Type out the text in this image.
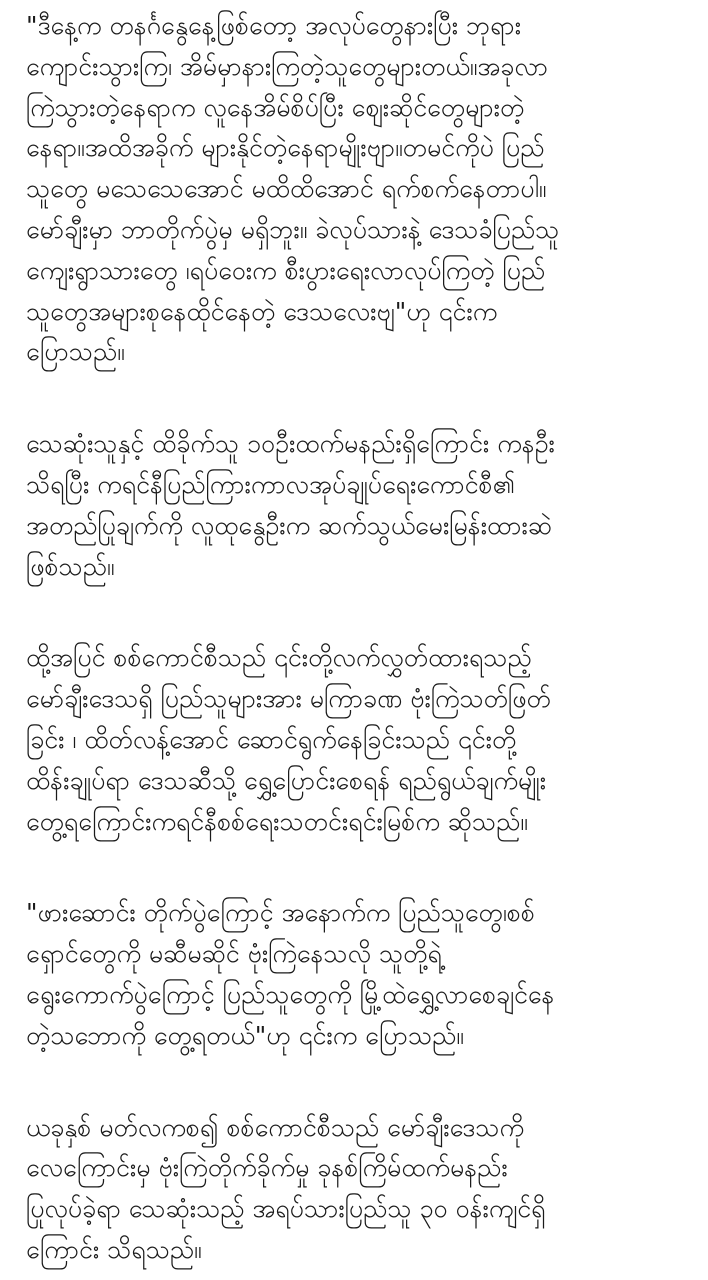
"ဒီနေ့က တနင်္ဂနွေနေ့ဖြစ်တော့ အလုပ်တွေနားပြီး ဘုရား
ကျောင်းသွားကြ၊ အိမ်မှာနားကြတဲ့သူတွေများတယ်။အခုလာ
ကြဲသွားတဲ့နေရာက လူနေအိမ်စိပ်ပြီး ဈေးဆိုင်တွေများတဲ့
နေရာ။အထိအခိုက် များနိုင်တဲ့နေရာမျိုးဗျာ။တမင်ကိုပဲ ပြည်
သူတွေ မသေသေအောင် မထိထိအောင် ရက်စက်နေတာပါ။
မော်ချီးမှာ ဘာတိုက်ပွဲမှ မရှိဘူး။ ခဲလုပ်သားနဲ့ ဒေသခံပြည်သူ
ကျေးရွာသားတွေ ၊ရပ်ဝေးက စီးပွားရေးလာလုပ်ကြတဲ့ ပြည်
သူတွေအများစုနေထိုင်နေတဲ့ ဒေသလေးဗျ"ဟု ၎င်းက
ပြောသည်။
သေဆုံးသူနှင့် ထိခိုက်သူ ၁၀ဦးထက်မနည်းရှိကြောင်း ကနဦး
သိရပြီး ကရင်နီပြည်ကြားကာလအုပ်ချုပ်ရေးကောင်စီ၏
အတည်ပြုချက်ကို လူထုနွေဦးက ဆက်သွယ်မေးမြန်းထားဆဲ
ဖြစ်သည်။
ထို့အပြင် စစ်ကောင်စီသည် ၎င်းတို့လက်လွှတ်ထားရသည့်
မော်ချီးဒေသရှိ ပြည်သူများအား မကြာခဏ ဗုံးကြဲသတ်ဖြတ်
ခြင်း ၊ ထိတ်လန့်အောင် ဆောင်ရွက်နေခြင်းသည် ၎င်းတို့
ထိန်းချုပ်ရာ ဒေသဆီသို့ ရွှေ့ပြောင်းစေရန် ရည်ရွယ်ချက်မျိုး
တွေ့ရကြောင်းကရင်နီစစ်ရေးသတင်းရင်းမြစ်က ဆိုသည်။
"ဖားဆောင်း တိုက်ပွဲကြောင့် အနောက်က ပြည်သူတွေ၊စစ်
ရှောင်တွေကို မဆီမဆိုင် ဗုံးကြဲနေသလို သူတို့ရဲ့
ရွေးကောက်ပွဲကြောင့် ပြည်သူတွေကို မြို့ထဲရွှေ့လာစေချင်နေ
တဲ့သဘောကို တွေ့ရတယ်"ဟု ၎င်းက ပြောသည်။
ယခုနှစ် မတ်လကစ၍ စစ်ကောင်စီသည် မော်ချီးဒေသကို
လေကြောင်းမှ ဗုံးကြဲတိုက်ခိုက်မှု ခုနစ်ကြိမ်ထက်မနည်း
ပြုလုပ်ခဲ့ရာ သေဆုံးသည့် အရပ်သားပြည်သူ ၃၀ ဝန်းကျင်ရှိ
ကြောင်း သိရသည်။
